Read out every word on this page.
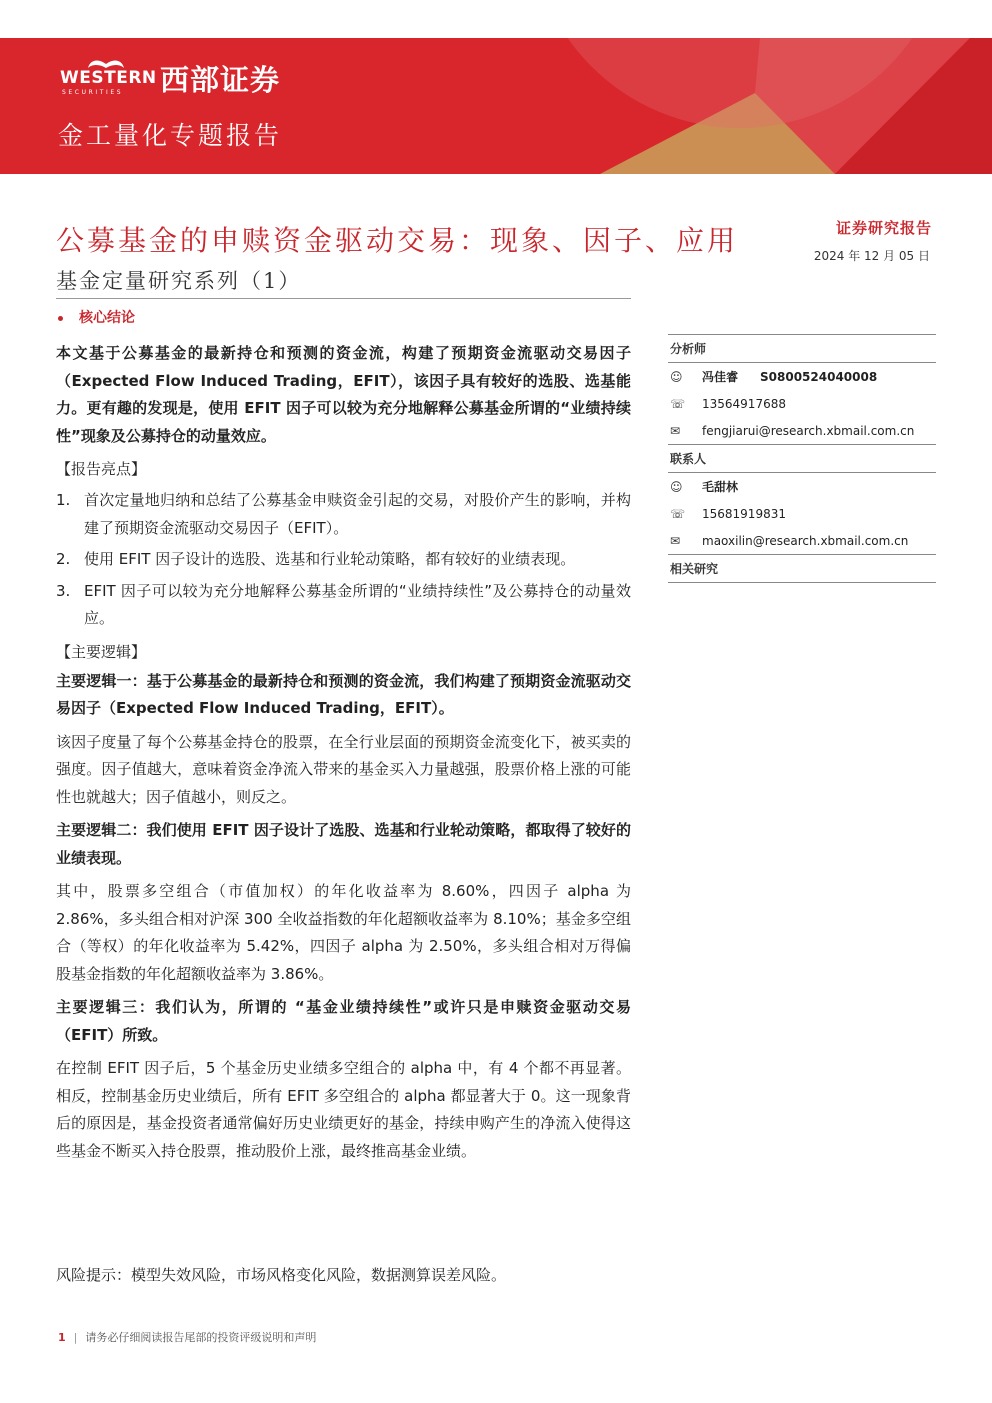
WESTERN
SECURITIES 西部证券
金工量化专题报告
公募基金的申赎资金驱动交易：现象、因子、应用
基金定量研究系列（1）
证券研究报告
2024 年 12 月 05 日
核心结论

本文基于公募基金的最新持仓和预测的资金流，构建了预期资金流驱动交易因子（Expected Flow Induced Trading，EFIT），该因子具有较好的选股、选基能力。更有趣的发现是，使用 EFIT 因子可以较为充分地解释公募基金所谓的“业绩持续性”现象及公募持仓的动量效应。

【报告亮点】
1. 首次定量地归纳和总结了公募基金申赎资金引起的交易，对股价产生的影响，并构建了预期资金流驱动交易因子（EFIT）。
2. 使用 EFIT 因子设计的选股、选基和行业轮动策略，都有较好的业绩表现。
3. EFIT 因子可以较为充分地解释公募基金所谓的“业绩持续性”及公募持仓的动量效应。
【主要逻辑】

主要逻辑一：基于公募基金的最新持仓和预测的资金流，我们构建了预期资金流驱动交易因子（Expected Flow Induced Trading，EFIT）。

该因子度量了每个公募基金持仓的股票，在全行业层面的预期资金流变化下，被买卖的强度。因子值越大，意味着资金净流入带来的基金买入力量越强，股票价格上涨的可能性也就越大；因子值越小，则反之。

主要逻辑二：我们使用 EFIT 因子设计了选股、选基和行业轮动策略，都取得了较好的业绩表现。

其中，股票多空组合（市值加权）的年化收益率为 8.60%，四因子 alpha 为 2.86%，多头组合相对沪深 300 全收益指数的年化超额收益率为 8.10%；基金多空组合（等权）的年化收益率为 5.42%，四因子 alpha 为 2.50%，多头组合相对万得偏股基金指数的年化超额收益率为 3.86%。

主要逻辑三：我们认为，所谓的 “基金业绩持续性”或许只是申赎资金驱动交易（EFIT）所致。

在控制 EFIT 因子后，5 个基金历史业绩多空组合的 alpha 中，有 4 个都不再显著。相反，控制基金历史业绩后，所有 EFIT 多空组合的 alpha 都显著大于 0。这一现象背后的原因是，基金投资者通常偏好历史业绩更好的基金，持续申购产生的净流入使得这些基金不断买入持仓股票，推动股价上涨，最终推高基金业绩。

分析师
☺	冯佳睿 S0800524040008
☏	13564917688
✉	fengjiarui@research.xbmail.com.cn
联系人
☺	毛甜林
☏	15681919831
✉	maoxilin@research.xbmail.com.cn
相关研究
风险提示：模型失效风险，市场风格变化风险，数据测算误差风险。
1 | 请务必仔细阅读报告尾部的投资评级说明和声明
